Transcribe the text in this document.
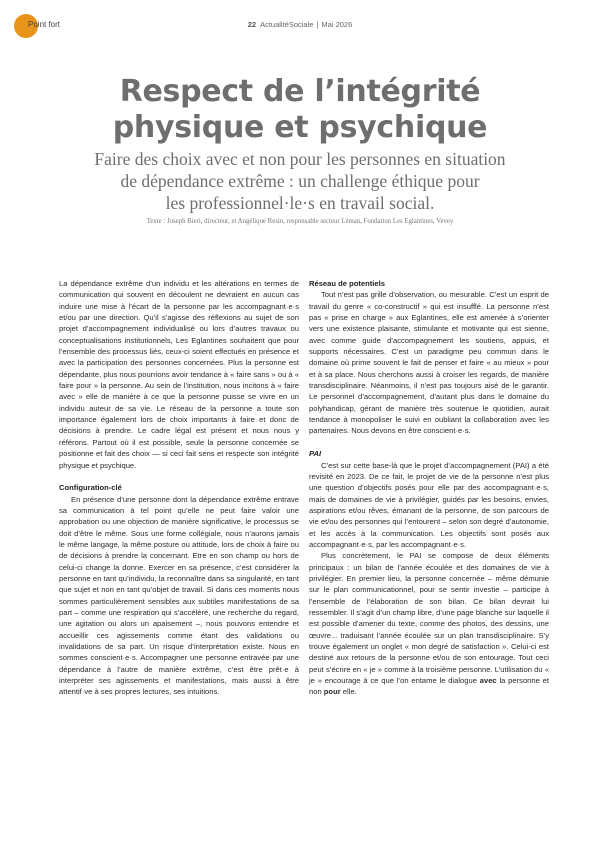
Point fort	22 ActualitéSociale | Mai 2026
Respect de l’intégrité
physique et psychique
Faire des choix avec et non pour les personnes en situation
de dépendance extrême : un challenge éthique pour
les professionnel·le·s en travail social.
Texte : Joseph Bieri, directeur, et Angélique Resin, responsable secteur Léman, Fondation Les Eglantines, Vevey

La dépendance extrême d’un individu et les altérations en termes de communication qui souvent en découlent ne devraient en aucun cas induire une mise à l’écart de la personne par les accompagnant·e·s et/ou par une direction. Qu’il s’agisse des réflexions au sujet de son projet d’accompagnement individualisé ou lors d’autres travaux ou conceptualisations institutionnels, Les Eglantines souhaitent que pour l’ensemble des processus liés, ceux-ci soient effectués en présence et avec la participation des personnes concernées. Plus la personne est dépendante, plus nous pourrions avoir tendance à « faire sans » ou à « faire pour » la personne. Au sein de l’institution, nous incitons à « faire avec » elle de manière à ce que la personne puisse se vivre en un individu auteur de sa vie. Le réseau de la personne a toute son importance également lors de choix importants à faire et donc de décisions à prendre. Le cadre légal est présent et nous nous y référons. Partout où il est possible, seule la personne concernée se positionne et fait des choix — si ceci fait sens et respecte son intégrité physique et psychique.

Configuration-clé

En présence d’une personne dont la dépendance extrême entrave sa communication à tel point qu’elle ne peut faire valoir une approbation ou une objection de manière significative, le processus se doit d’être le même. Sous une forme collégiale, nous n’aurons jamais le même langage, la même posture ou attitude, lors de choix à faire ou de décisions à prendre la concernant. Etre en son champ ou hors de celui-ci change la donne. Exercer en sa présence, c’est considérer la personne en tant qu’individu, la reconnaître dans sa singularité, en tant que sujet et non en tant qu’objet de travail. Si dans ces moments nous sommes particulièrement sensibles aux subtiles manifestations de sa part – comme une respiration qui s’accélère, une recherche du regard, une agitation ou alors un apaisement –, nous pouvons entendre et accueillir ces agissements comme étant des validations ou invalidations de sa part. Un risque d’interprétation existe. Nous en sommes conscient·e·s. Accompagner une personne entravée par une dépendance à l’autre de manière extrême, c’est être prêt·e à interpréter ses agissements et manifestations, mais aussi à être attentif·ve à ses propres lectures, ses intuitions.

Réseau de potentiels

Tout n’est pas grille d’observation, ou mesurable. C’est un esprit de travail du genre « co-constructif » qui est insufflé. La personne n’est pas « prise en charge » aux Eglantines, elle est amenée à s’orienter vers une existence plaisante, stimulante et motivante qui est sienne, avec comme guide d’accompagnement les soutiens, appuis, et supports nécessaires. C’est un paradigme peu commun dans le domaine où prime souvent le fait de penser et faire « au mieux » pour et à sa place. Nous cherchons aussi à croiser les regards, de manière transdisciplinaire. Néanmoins, il n’est pas toujours aisé de le garantir. Le personnel d’accompagnement, d’autant plus dans le domaine du polyhandicap, gérant de manière très soutenue le quotidien, aurait tendance à monopoliser le suivi en oubliant la collaboration avec les partenaires. Nous devons en être conscient·e·s.

PAI

C’est sur cette base-là que le projet d’accompagnement (PAI) a été revisité en 2023. De ce fait, le projet de vie de la personne n’est plus une question d’objectifs posés pour elle par des accompagnant·e·s, mais de domaines de vie à privilégier, guidés par les besoins, envies, aspirations et/ou rêves, émanant de la personne, de son parcours de vie et/ou des personnes qui l’entourent – selon son degré d’autonomie, et les accès à la communication. Les objectifs sont posés aux accompagnant·e·s, par les accompagnant·e·s.

Plus concrètement, le PAI se compose de deux éléments principaux : un bilan de l’année écoulée et des domaines de vie à privilégier. En premier lieu, la personne concernée – même démunie sur le plan communicationnel, pour se sentir investie – participe à l’ensemble de l’élaboration de son bilan. Ce bilan devrait lui ressembler. Il s’agit d’un champ libre, d’une page blanche sur laquelle il est possible d’amener du texte, comme des photos, des dessins, une œuvre... traduisant l’année écoulée sur un plan transdisciplinaire. S’y trouve également un onglet « mon degré de satisfaction ». Celui-ci est destiné aux retours de la personne et/ou de son entourage. Tout ceci peut s’écrire en « je » comme à la troisième personne. L’utilisation du « je » encourage à ce que l’on entame le dialogue avec la personne et non pour elle.
